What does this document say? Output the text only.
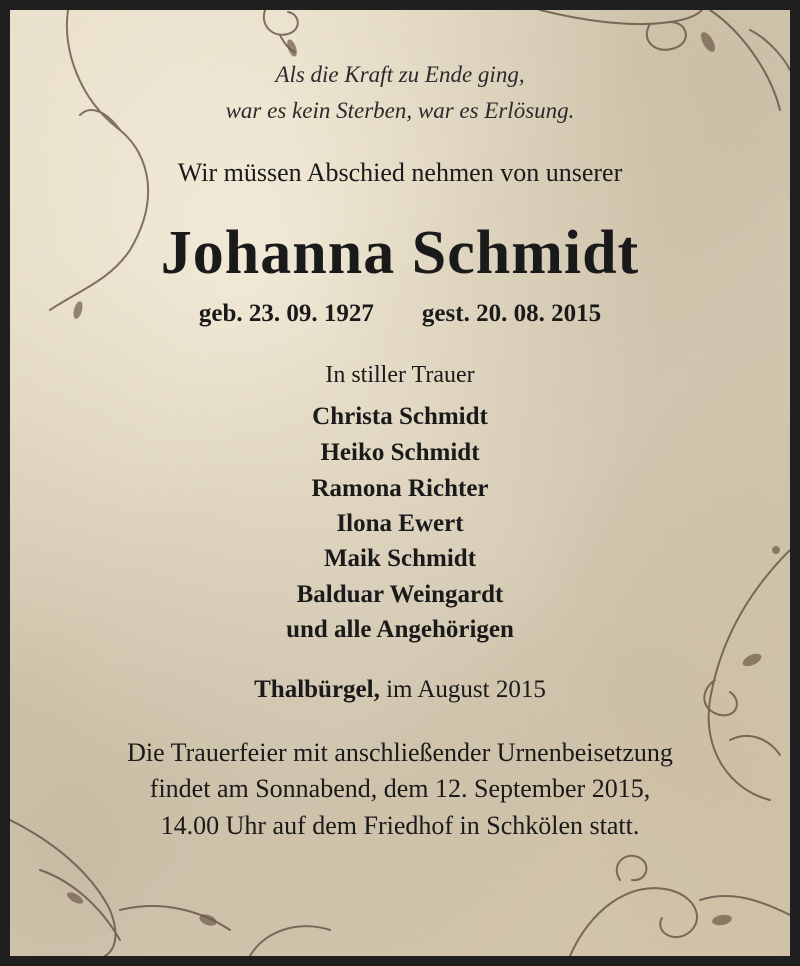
Als die Kraft zu Ende ging,
war es kein Sterben, war es Erlösung.
Wir müssen Abschied nehmen von unserer
Johanna Schmidt
geb. 23. 09. 1927 gest. 20. 08. 2015
In stiller Trauer
Christa Schmidt
Heiko Schmidt
Ramona Richter
Ilona Ewert
Maik Schmidt
Balduar Weingardt
und alle Angehörigen
Thalbürgel, im August 2015
Die Trauerfeier mit anschließender Urnenbeisetzung
findet am Sonnabend, dem 12. September 2015,
14.00 Uhr auf dem Friedhof in Schkölen statt.
